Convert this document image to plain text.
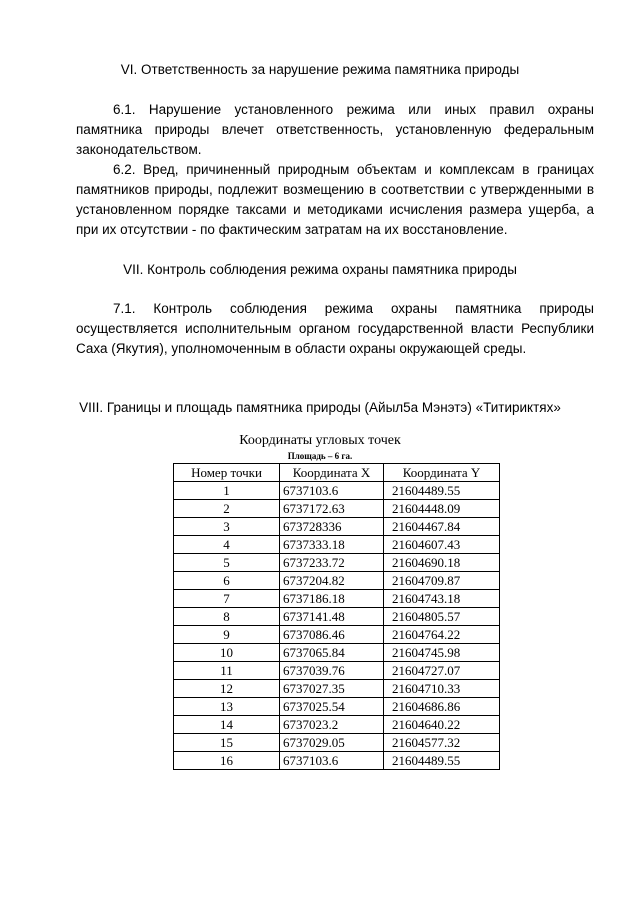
VI. Ответственность за нарушение режима памятника природы
6.1. Нарушение установленного режима или иных правил охраны памятника природы влечет ответственность, установленную федеральным законодательством.
6.2. Вред, причиненный природным объектам и комплексам в границах памятников природы, подлежит возмещению в соответствии с утвержденными в установленном порядке таксами и методиками исчисления размера ущерба, а при их отсутствии - по фактическим затратам на их восстановление.
VII. Контроль соблюдения режима охраны памятника природы
7.1. Контроль соблюдения режима охраны памятника природы осуществляется исполнительным органом государственной власти Республики Саха (Якутия), уполномоченным в области охраны окружающей среды.
VIII. Границы и площадь памятника природы (Айыл5а Мэнэтэ) «Титириктях»
Координаты угловых точек
Площадь – 6 га.
Номер точки	Координата X	Координата Y
1	6737103.6	21604489.55
2	6737172.63	21604448.09
3	673728336	21604467.84
4	6737333.18	21604607.43
5	6737233.72	21604690.18
6	6737204.82	21604709.87
7	6737186.18	21604743.18
8	6737141.48	21604805.57
9	6737086.46	21604764.22
10	6737065.84	21604745.98
11	6737039.76	21604727.07
12	6737027.35	21604710.33
13	6737025.54	21604686.86
14	6737023.2	21604640.22
15	6737029.05	21604577.32
16	6737103.6	21604489.55
